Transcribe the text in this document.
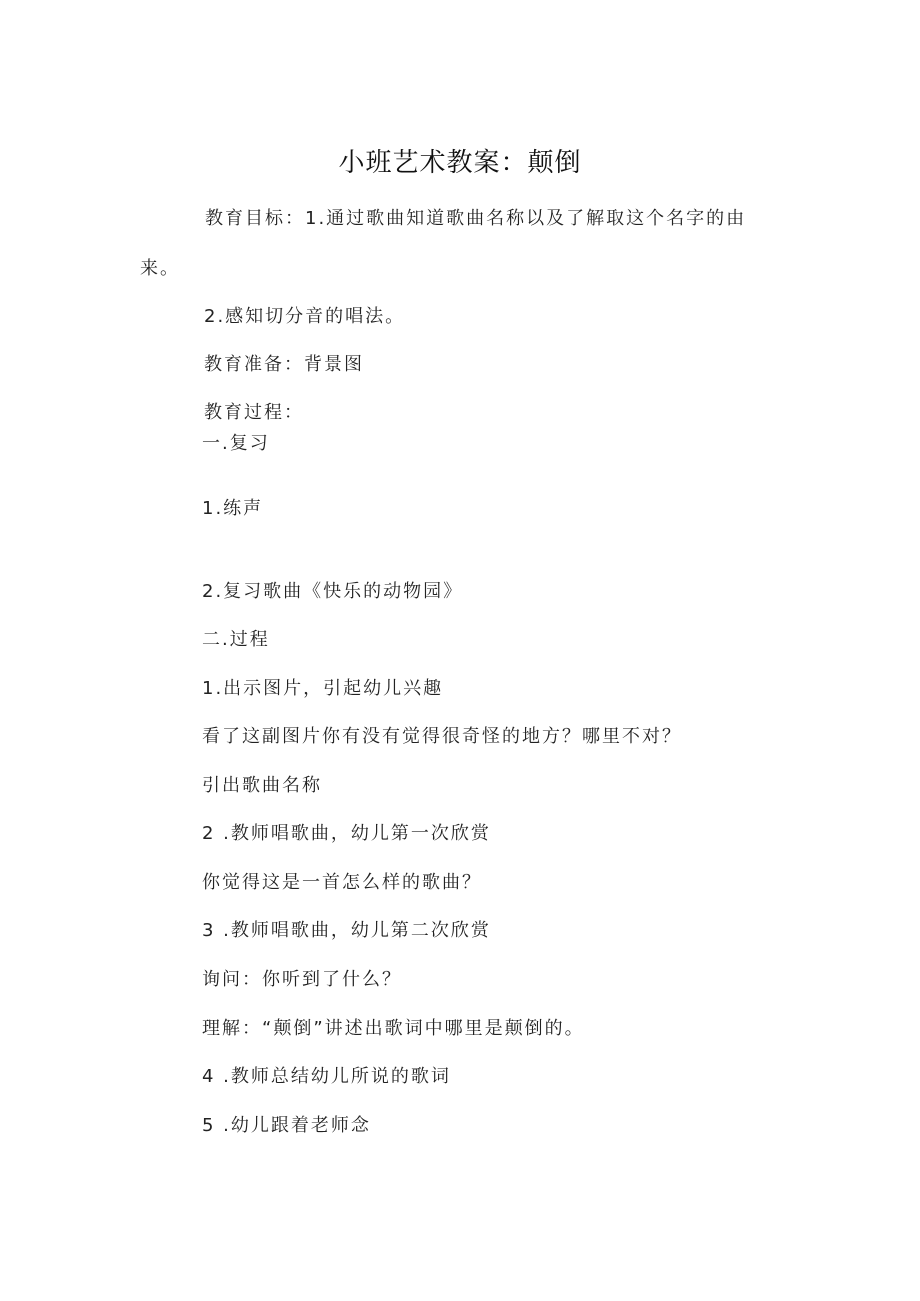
小班艺术教案：颠倒
教育目标：1.通过歌曲知道歌曲名称以及了解取这个名字的由
来。
2.感知切分音的唱法。
教育准备：背景图
教育过程：
一.复习
1.练声
2.复习歌曲《快乐的动物园》
二.过程
1.出示图片，引起幼儿兴趣
看了这副图片你有没有觉得很奇怪的地方？哪里不对？
引出歌曲名称
2 .教师唱歌曲，幼儿第一次欣赏
你觉得这是一首怎么样的歌曲？
3 .教师唱歌曲，幼儿第二次欣赏
询问：你听到了什么？
理解：“颠倒”讲述出歌词中哪里是颠倒的。
4 .教师总结幼儿所说的歌词
5 .幼儿跟着老师念
